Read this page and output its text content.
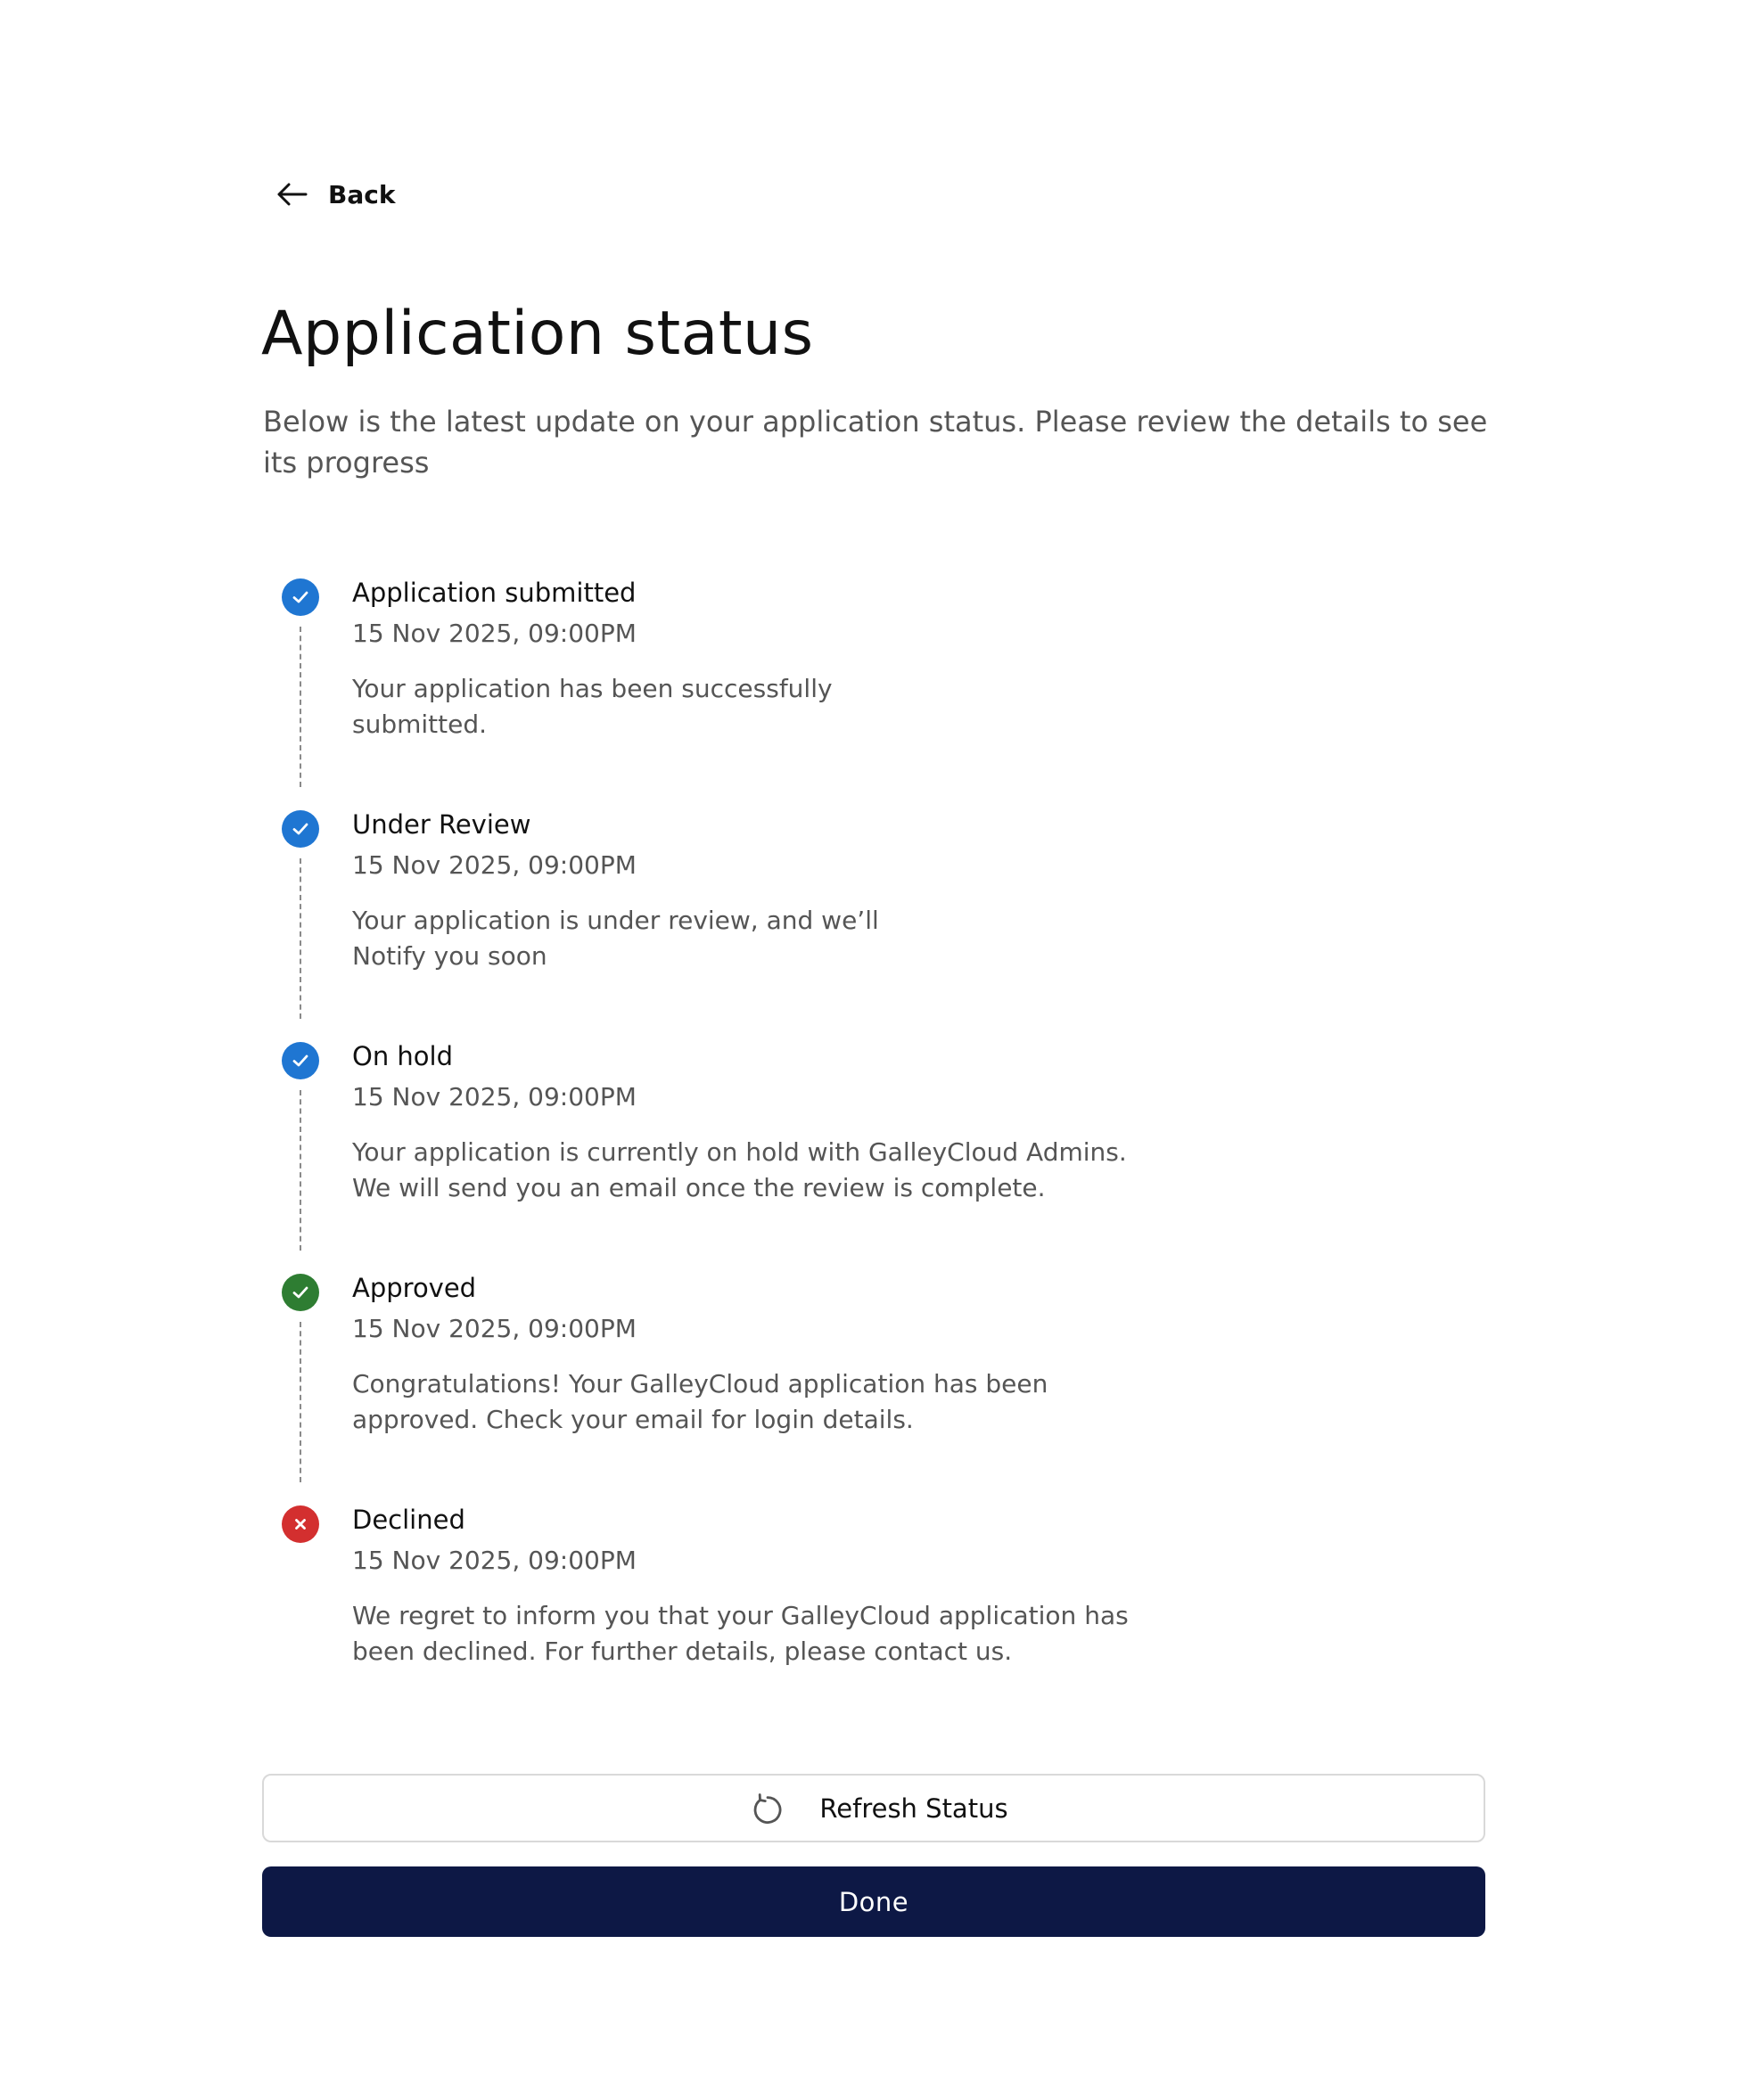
Back
Application status

Below is the latest update on your application status. Please review the details to see its progress

Application submitted
15 Nov 2025, 09:00PM
Your application has been successfully
submitted.
Under Review
15 Nov 2025, 09:00PM
Your application is under review, and we’ll
Notify you soon
On hold
15 Nov 2025, 09:00PM
Your application is currently on hold with GalleyCloud Admins.
We will send you an email once the review is complete.
Approved
15 Nov 2025, 09:00PM
Congratulations! Your GalleyCloud application has been
approved. Check your email for login details.
Declined
15 Nov 2025, 09:00PM
We regret to inform you that your GalleyCloud application has
been declined. For further details, please contact us.
Refresh Status
Done
